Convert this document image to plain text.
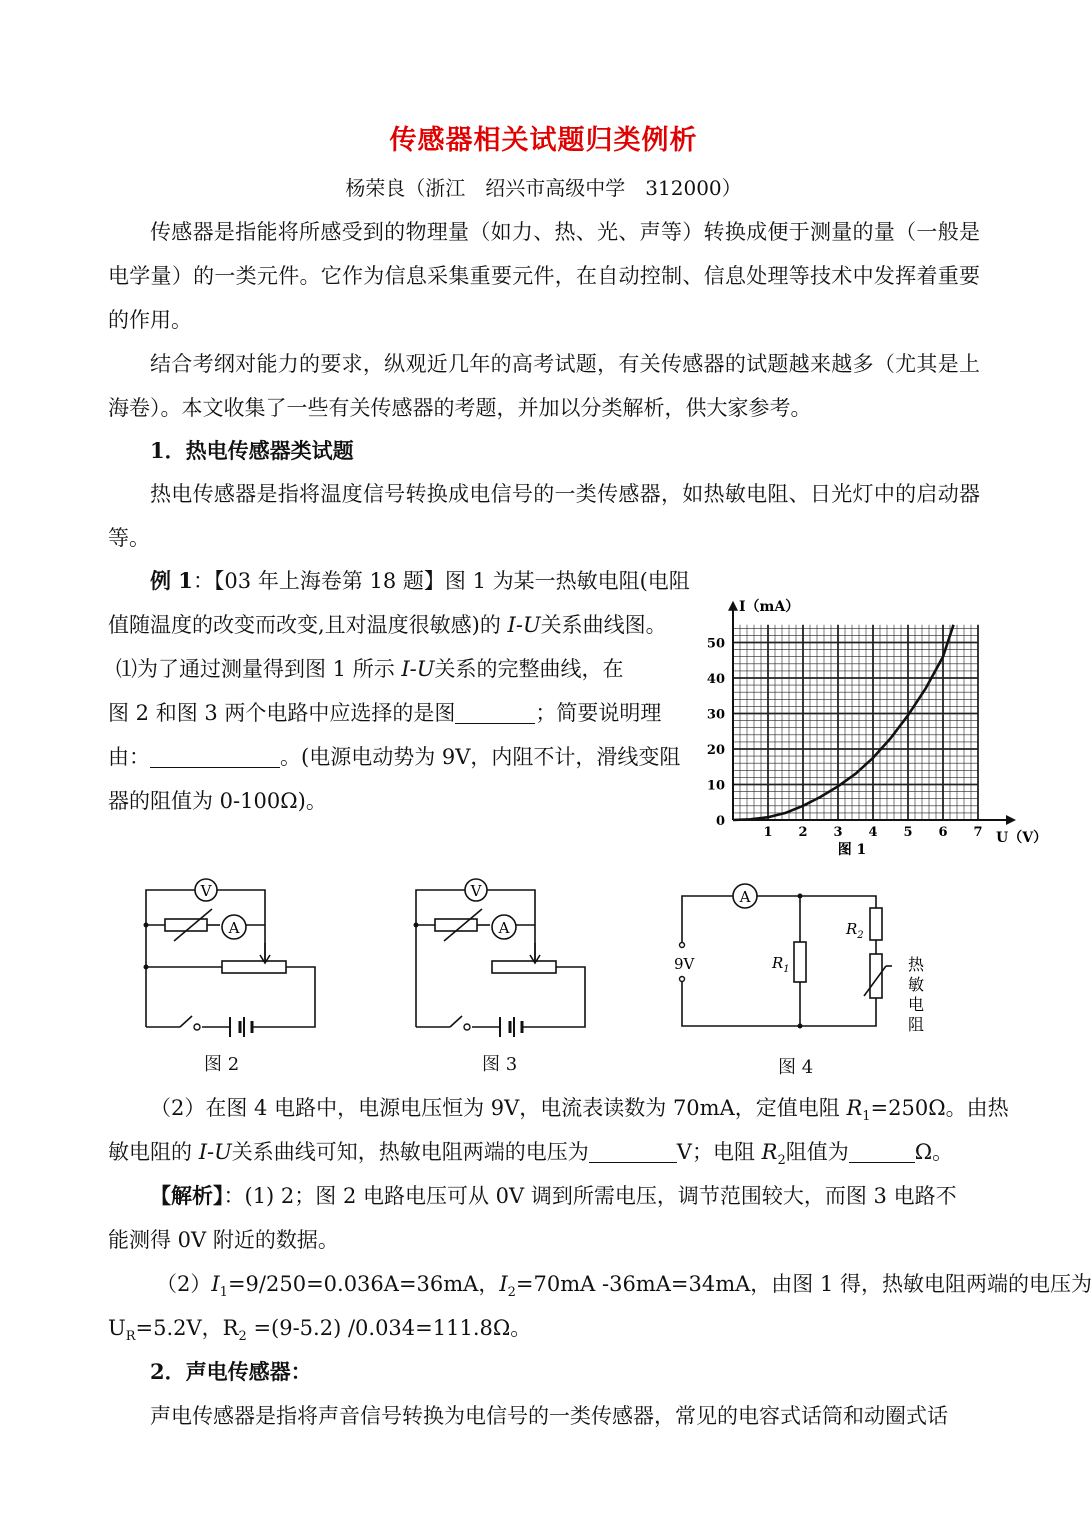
传感器相关试题归类例析
杨荣良（浙江　绍兴市高级中学　312000）

传感器是指能将所感受到的物理量（如力、热、光、声等）转换成便于测量的量（一般是电学量）的一类元件。它作为信息采集重要元件，在自动控制、信息处理等技术中发挥着重要的作用。

结合考纲对能力的要求，纵观近几年的高考试题，有关传感器的试题越来越多（尤其是上海卷）。本文收集了一些有关传感器的考题，并加以分类解析，供大家参考。

1．热电传感器类试题

热电传感器是指将温度信号转换成电信号的一类传感器，如热敏电阻、日光灯中的启动器等。

例 1：【03 年上海卷第 18 题】图 1 为某一热敏电阻(电阻
值随温度的改变而改变,且对温度很敏感)的 I-U关系曲线图。
⑴为了通过测量得到图 1 所示 I-U关系的完整曲线，在
图 2 和图 3 两个电路中应选择的是图	；简要说明理
由：	。(电源电动势为 9V，内阻不计，滑线变阻
器的阻值为 0-100Ω)。
0
10
20
30
40
50
1 2 3 4 5 6 7
I（mA）
U（V）
图 1
V
A
图 2
V
A
图 3
A
9V	$R_1$
$R_2$
热
敏
电
阻
图 4
（2）在图 4 电路中，电源电压恒为 9V，电流表读数为 70mA，定值电阻 $R_1=250\Omega$。由热
敏电阻的 I-U关系曲线可知，热敏电阻两端的电压为	V；电阻 $R_2$阻值为	Ω。
【解析】：(1) 2；图 2 电路电压可从 0V 调到所需电压，调节范围较大，而图 3 电路不
能测得 0V 附近的数据。
$(2)I_1=9/250=0.036A=36mA$，$I_2=70mA$ -36mA=34mA，由图 1 得，热敏电阻两端的电压为
$U_R=5.2V$，$R_2 =(9-5.2)$ /0.034=111.8Ω。
2．声电传感器：
声电传感器是指将声音信号转换为电信号的一类传感器，常见的电容式话筒和动圈式话
